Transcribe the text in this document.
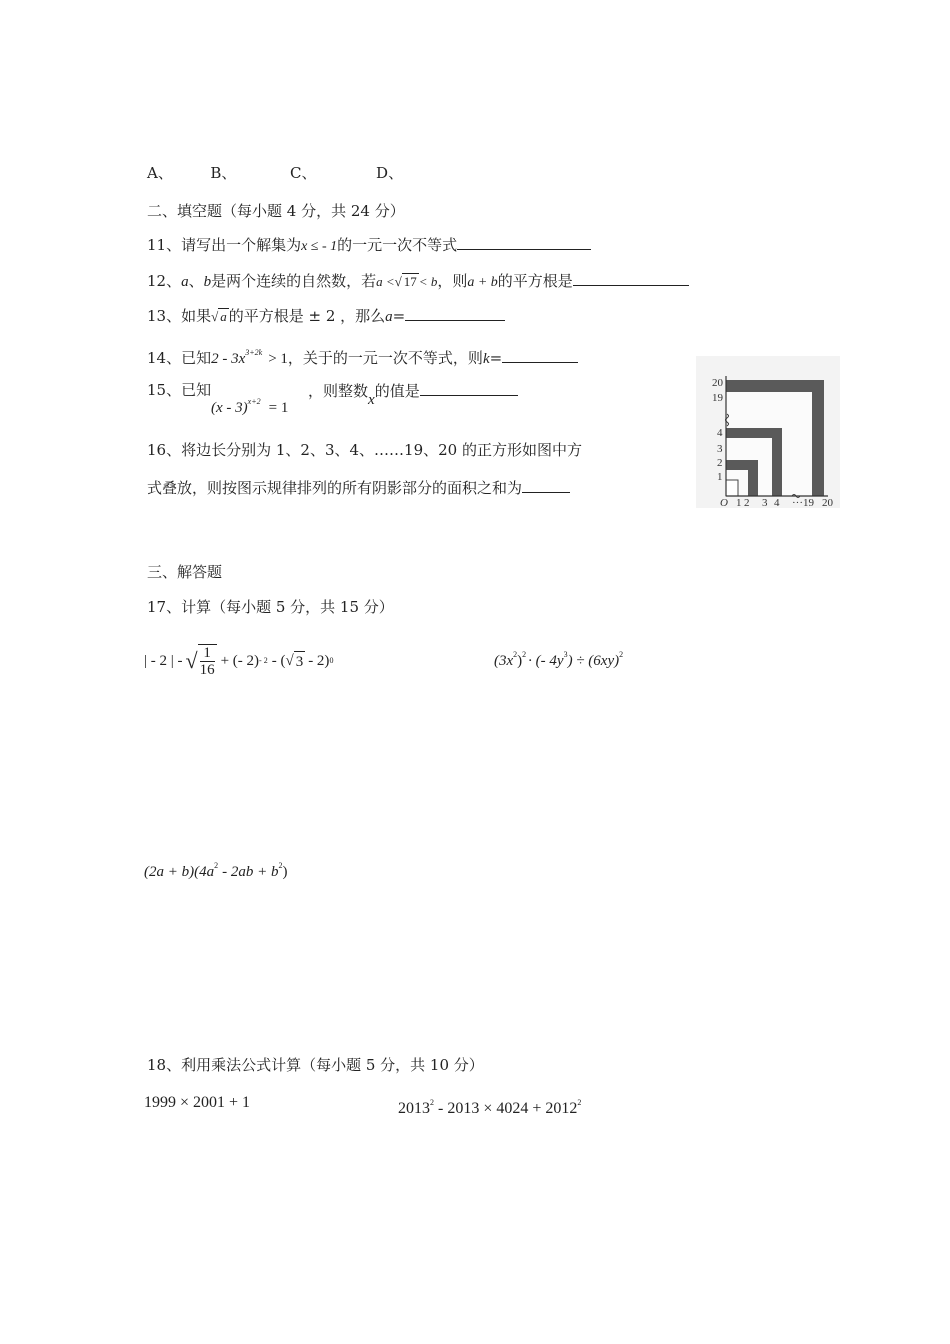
A、	B、	C、	D、
二、填空题（每小题 4 分，共 24 分）
11、请写出一个解集为x ≤ - 1的一元一次不等式
12、a、b是两个连续的自然数，若a <√ 17 < b，则a + b的平方根是
13、如果√ a 的平方根是 ± 2 ，那么a=
14、已知$2 - 3x^{3+2k} > 1$，关于的一元一次不等式，则k=
15、已知
(x - 3)$^{x+2}$ = 1
，则整数x的值是
16、将边长分别为 1、2、3、4、……19、20 的正方形如图中方
式叠放，则按图示规律排列的所有阴影部分的面积之和为
20
19
4
3
2
1
O 1 2 3 4 ···19 20
三、解答题
17、计算（每小题 5 分，共 15 分）
| - 2 | - √ $\frac{1}{16}$ + (- 2) - 2 - ( √ 3 - 2) 0	$(3x^2)^2$ · (- $4y^3) \div (6xy)^2$
$(2a + b)(4a^2 - 2ab + b^2)$
18、利用乘法公式计算（每小题 5 分，共 10 分）
1999 × 2001 + 1	$2013^2 - 2013 \times 4024 + 2012^2$
